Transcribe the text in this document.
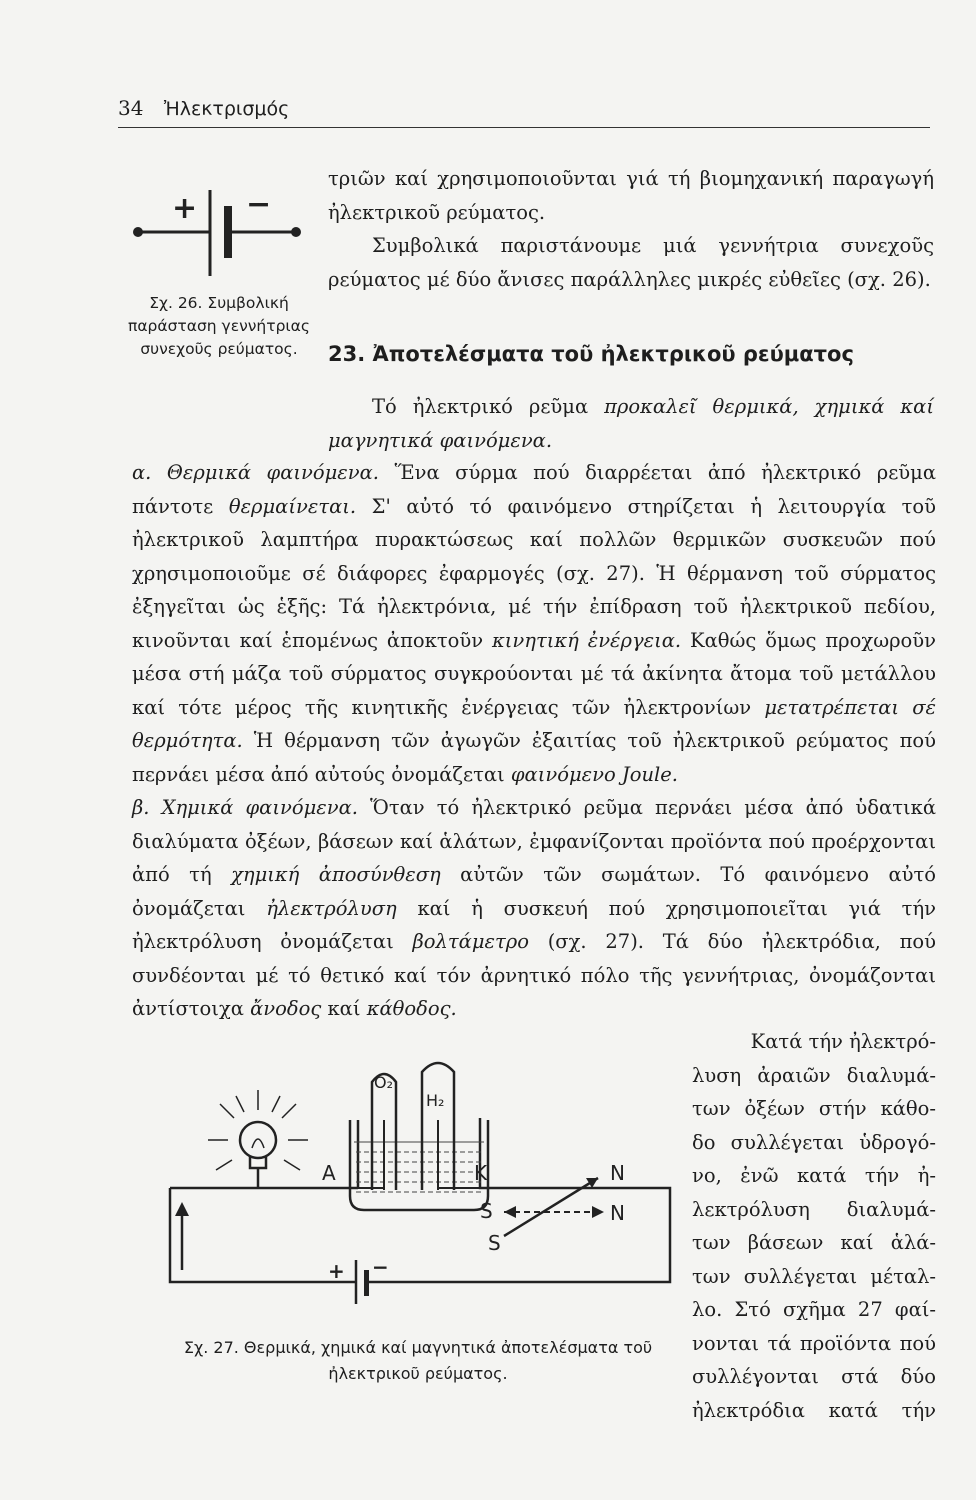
34 Ἠλεκτρισμός
+ −
Σχ. 26. Συμβολική παράσταση γεννήτριας συνεχοῦς ρεύματος.
τριῶν καί χρησιμοποιοῦνται γιά τή βιομηχανική παραγωγή ἠλεκτρικοῦ ρεύματος.
Συμβολικά παριστάνουμε μιά γεννήτρια συνεχοῦς ρεύματος μέ δύο ἄνισες παράλληλες μικρές εὐθεῖες (σχ. 26).
23. Ἀποτελέσματα τοῦ ἠλεκτρικοῦ ρεύματος
Τό ἠλεκτρικό ρεῦμα προκαλεῖ θερμικά, χημικά καί μαγνητικά φαινόμενα.
α. Θερμικά φαινόμενα. Ἕνα σύρμα πού διαρρέεται ἀπό ἠλεκτρικό ρεῦμα πάντοτε θερμαίνεται. Σ' αὐτό τό φαινόμενο στηρίζεται ἡ λειτουργία τοῦ ἠλεκτρικοῦ λαμπτήρα πυρακτώσεως καί πολλῶν θερμικῶν συσκευῶν πού χρησιμοποιοῦμε σέ διάφορες ἐφαρμογές (σχ. 27). Ἡ θέρμανση τοῦ σύρματος ἐξηγεῖται ὡς ἑξῆς: Τά ἠλεκτρόνια, μέ τήν ἐπίδραση τοῦ ἠλεκτρικοῦ πεδίου, κινοῦνται καί ἑπομένως ἀποκτοῦν κινητική ἐνέργεια. Καθώς ὅμως προχωροῦν μέσα στή μάζα τοῦ σύρματος συγκρούονται μέ τά ἀκίνητα ἄτομα τοῦ μετάλλου καί τότε μέρος τῆς κινητικῆς ἐνέργειας τῶν ἠλεκτρονίων μετατρέπεται σέ θερμότητα. Ἡ θέρμανση τῶν ἀγωγῶν ἐξαιτίας τοῦ ἠλεκτρικοῦ ρεύματος πού περνάει μέσα ἀπό αὐτούς ὀνομάζεται φαινόμενο Joule.
β. Χημικά φαινόμενα. Ὅταν τό ἠλεκτρικό ρεῦμα περνάει μέσα ἀπό ὑδατικά διαλύματα ὀξέων, βάσεων καί ἁλάτων, ἐμφανίζονται προϊόντα πού προέρχονται ἀπό τή χημική ἀποσύνθεση αὐτῶν τῶν σωμάτων. Τό φαινόμενο αὐτό ὀνομάζεται ἠλεκτρόλυση καί ἡ συσκευή πού χρησιμοποιεῖται γιά τήν ἠλεκτρόλυση ὀνομάζεται βολτάμετρο (σχ. 27). Τά δύο ἠλεκτρόδια, πού συνδέονται μέ τό θετικό καί τόν ἀρνητικό πόλο τῆς γεννήτριας, ὀνομάζονται ἀντίστοιχα ἄνοδος καί κάθοδος.
Κατά τήν ἠλεκτρό-
λυση ἀραιῶν διαλυμά-
των ὀξέων στήν κάθο-
δο συλλέγεται ὑδρογό-
νο, ἐνῶ κατά τήν ἠ-
λεκτρόλυση διαλυμά-
των βάσεων καί ἁλά-
των συλλέγεται μέταλ-
λο. Στό σχῆμα 27 φαί-
νονται τά προϊόντα πού
συλλέγονται στά δύο
ἠλεκτρόδια κατά τήν
+ −
O₂
H₂
A	K	N
N
S
S
Σχ. 27. Θερμικά, χημικά καί μαγνητικά ἀποτελέσματα τοῦ ἠλεκτρικοῦ ρεύματος.
